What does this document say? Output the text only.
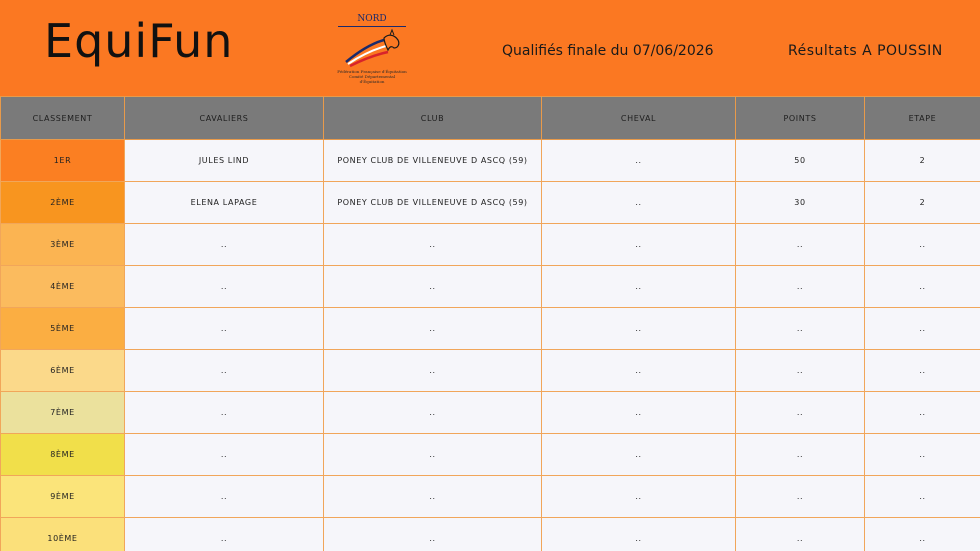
EquiFun	NORD
Fédération Française d'Équitation
Comité Départemental d'Équitation
Qualifiés finale du 07/06/2026	Résultats A POUSSIN
CLASSEMENT	CAVALIERS	CLUB	CHEVAL	POINTS	ETAPE
1ER	JULES LIND	PONEY CLUB DE VILLENEUVE D ASCQ (59)	..	50	2
2ÈME	ELENA LAPAGE	PONEY CLUB DE VILLENEUVE D ASCQ (59)	..	30	2
3ÈME	..	..	..	..	..
4ÈME	..	..	..	..	..
5ÈME	..	..	..	..	..
6ÈME	..	..	..	..	..
7ÈME	..	..	..	..	..
8ÈME	..	..	..	..	..
9ÈME	..	..	..	..	..
10ÈME	..	..	..	..	..
